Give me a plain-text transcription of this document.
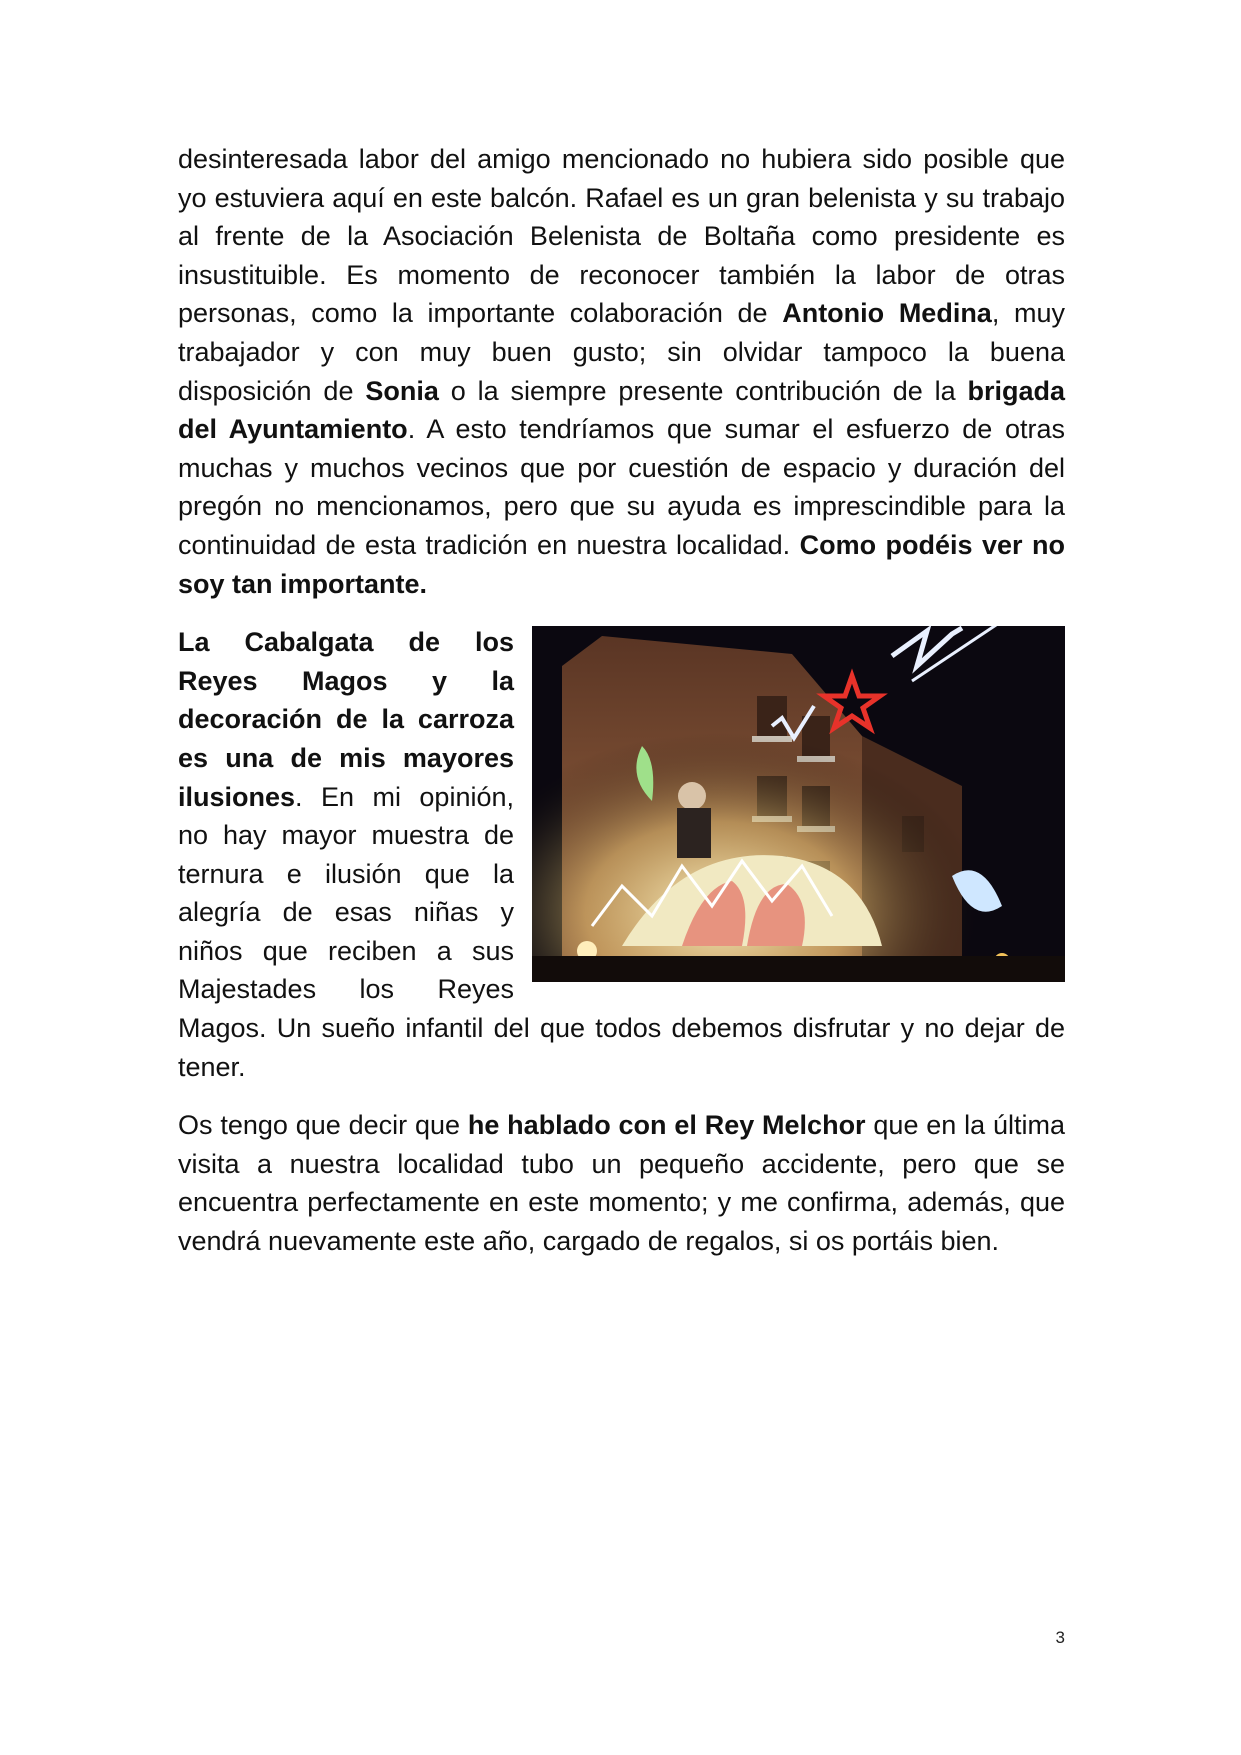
desinteresada labor del amigo mencionado no hubiera sido posible que yo estuviera aquí en este balcón. Rafael es un gran belenista y su trabajo al frente de la Asociación Belenista de Boltaña como presidente es insustituible. Es momento de reconocer también la labor de otras personas, como la importante colaboración de Antonio Medina, muy trabajador y con muy buen gusto; sin olvidar tampoco la buena disposición de Sonia o la siempre presente contribución de la brigada del Ayuntamiento. A esto tendríamos que sumar el esfuerzo de otras muchas y muchos vecinos que por cuestión de espacio y duración del pregón no mencionamos, pero que su ayuda es imprescindible para la continuidad de esta tradición en nuestra localidad. Como podéis ver no soy tan importante.

La Cabalgata de los Reyes Magos y la decoración de la carroza es una de mis mayores ilusiones. En mi opinión, no hay mayor muestra de ternura e ilusión que la alegría de esas niñas y niños que reciben a sus Majestades los Reyes Magos. Un sueño infantil del que todos debemos disfrutar y no dejar de tener.

Os tengo que decir que he hablado con el Rey Melchor que en la última visita a nuestra localidad tubo un pequeño accidente, pero que se encuentra perfectamente en este momento; y me confirma, además, que vendrá nuevamente este año, cargado de regalos, si os portáis bien.

3
